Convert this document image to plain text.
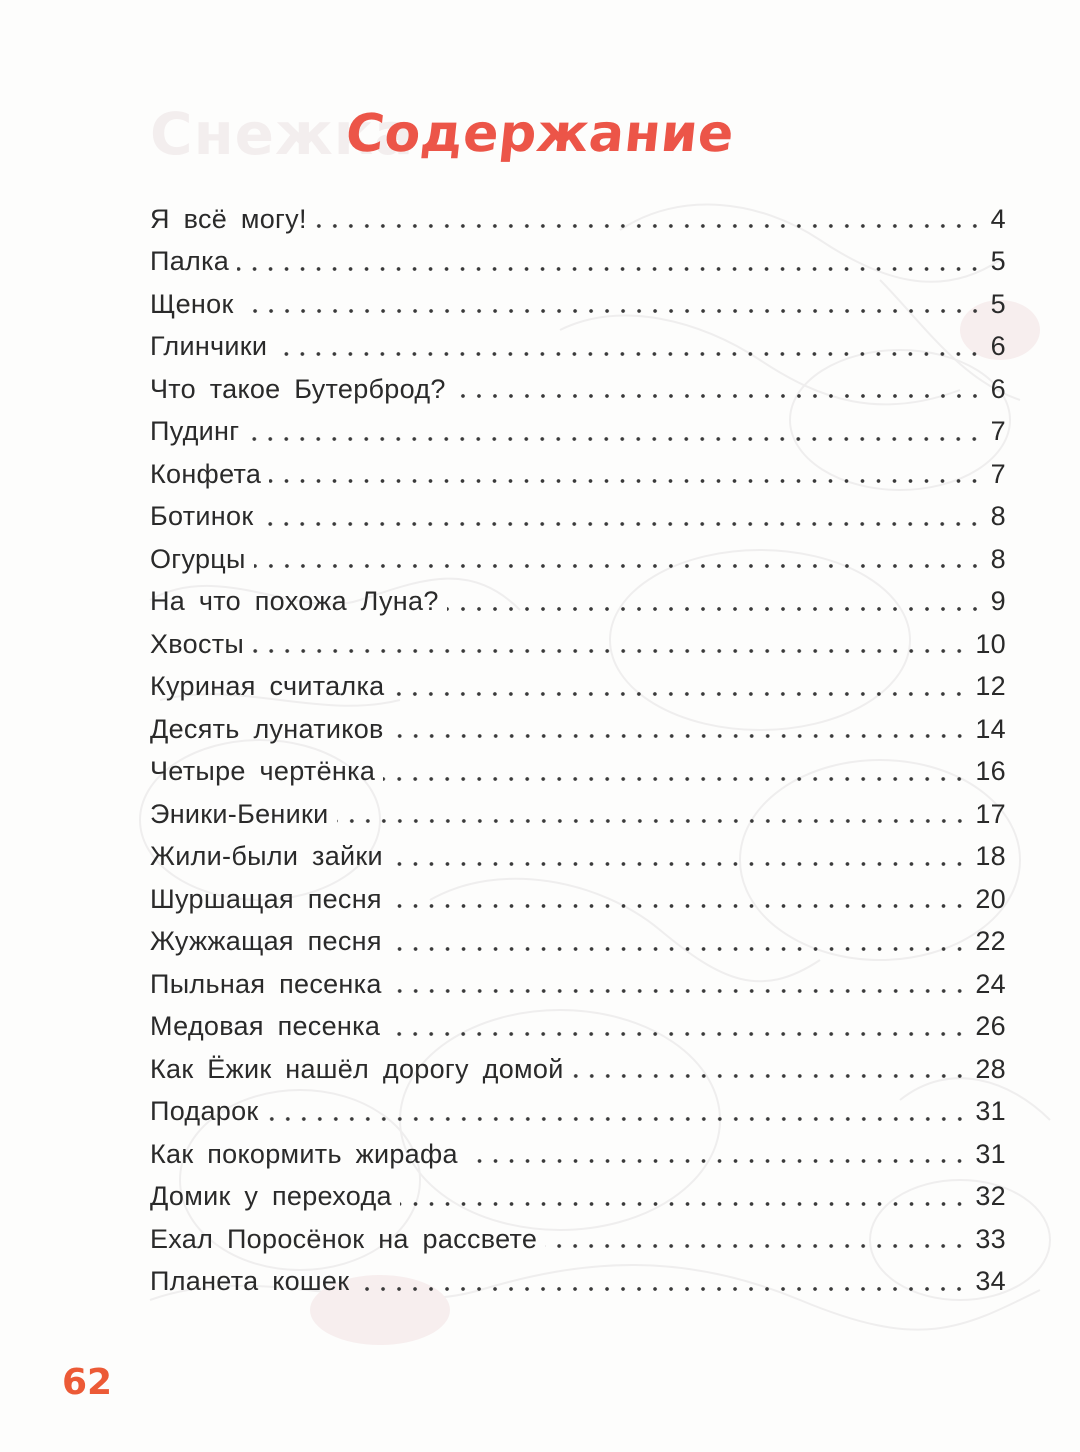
Снежка
Содержание
Я всё могу!	4
Палка	5
Щенок	5
Глинчики	6
Что такое Бутерброд?	6
Пудинг	7
Конфета	7
Ботинок	8
Огурцы	8
На что похожа Луна?	9
Хвосты	10
Куриная считалка	12
Десять лунатиков	14
Четыре чертёнка	16
Эники-Беники	17
Жили-были зайки	18
Шуршащая песня	20
Жужжащая песня	22
Пыльная песенка	24
Медовая песенка	26
Как Ёжик нашёл дорогу домой	28
Подарок	31
Как покормить жирафа	31
Домик у перехода	32
Ехал Поросёнок на рассвете	33
Планета кошек	34
62
